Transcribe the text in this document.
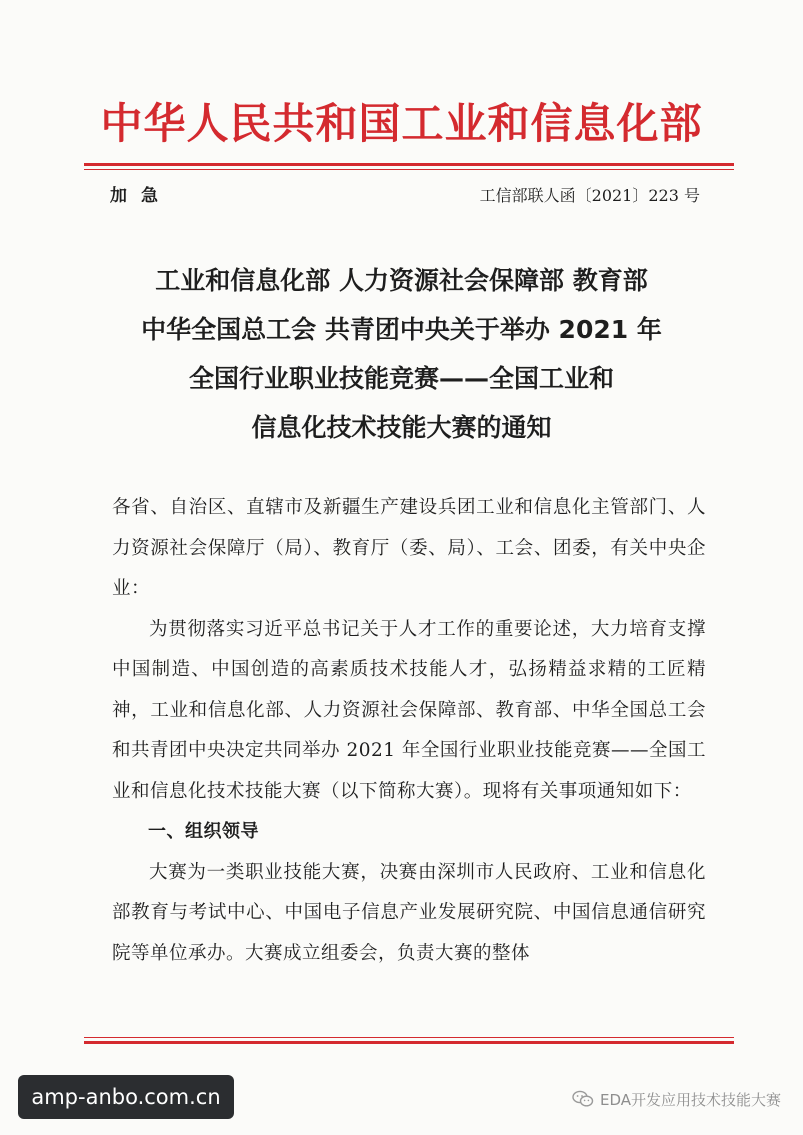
中华人民共和国工业和信息化部
加急	工信部联人函〔2021〕223 号
工业和信息化部 人力资源社会保障部 教育部
中华全国总工会 共青团中央关于举办 2021 年
全国行业职业技能竞赛——全国工业和
信息化技术技能大赛的通知

各省、自治区、直辖市及新疆生产建设兵团工业和信息化主管部门、人力资源社会保障厅（局）、教育厅（委、局）、工会、团委，有关中央企业：

为贯彻落实习近平总书记关于人才工作的重要论述，大力培育支撑中国制造、中国创造的高素质技术技能人才，弘扬精益求精的工匠精神，工业和信息化部、人力资源社会保障部、教育部、中华全国总工会和共青团中央决定共同举办 2021 年全国行业职业技能竞赛——全国工业和信息化技术技能大赛（以下简称大赛）。现将有关事项通知如下：

一、组织领导

大赛为一类职业技能大赛，决赛由深圳市人民政府、工业和信息化部教育与考试中心、中国电子信息产业发展研究院、中国信息通信研究院等单位承办。大赛成立组委会，负责大赛的整体

amp-anbo.com.cn	EDA开发应用技术技能大赛
